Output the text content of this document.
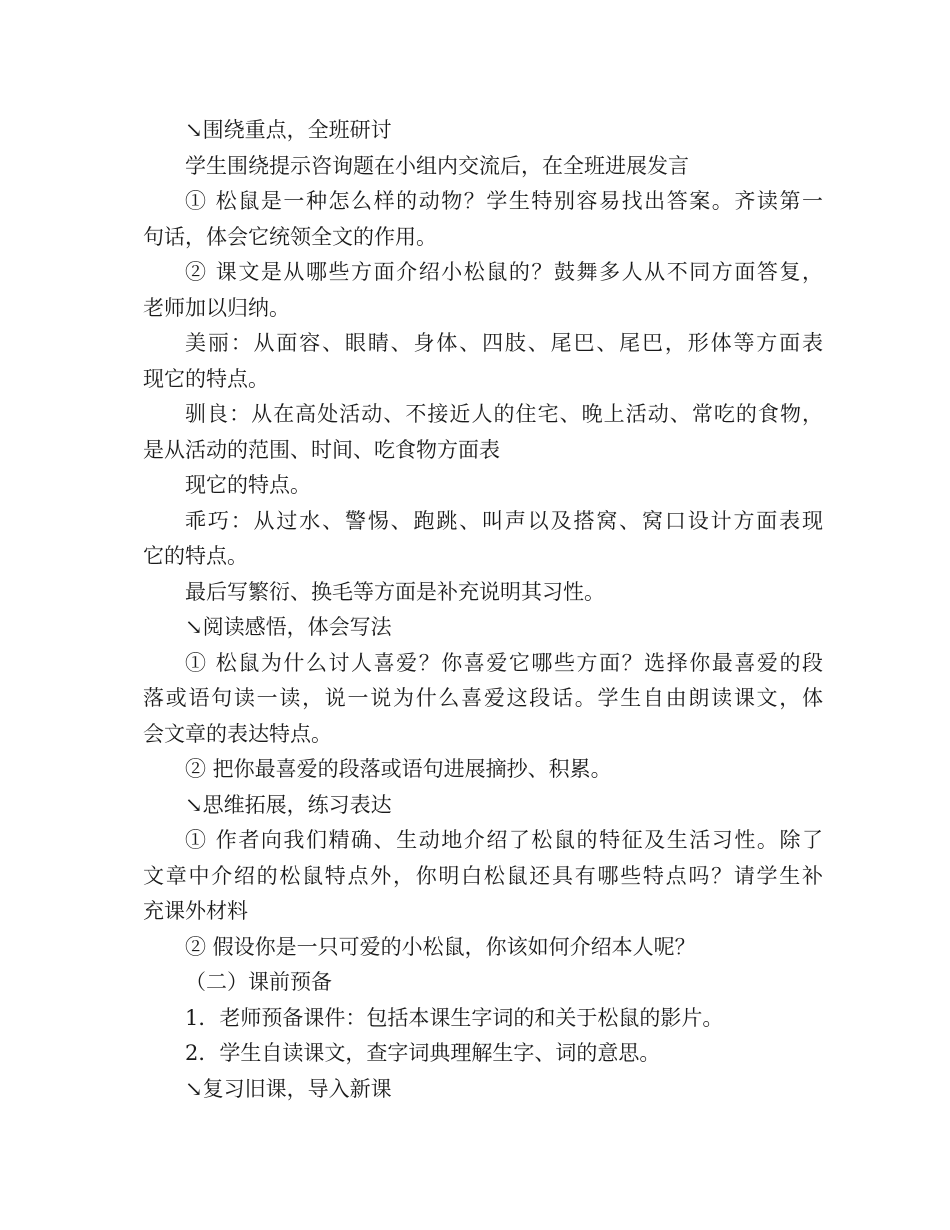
↘围绕重点，全班研讨

学生围绕提示咨询题在小组内交流后，在全班进展发言

① 松鼠是一种怎么样的动物？学生特别容易找出答案。齐读第一

句话，体会它统领全文的作用。

② 课文是从哪些方面介绍小松鼠的？鼓舞多人从不同方面答复，

老师加以归纳。

美丽：从面容、眼睛、身体、四肢、尾巴、尾巴，形体等方面表

现它的特点。

驯良：从在高处活动、不接近人的住宅、晚上活动、常吃的食物，

是从活动的范围、时间、吃食物方面表

现它的特点。

乖巧：从过水、警惕、跑跳、叫声以及搭窝、窝口设计方面表现

它的特点。

最后写繁衍、换毛等方面是补充说明其习性。

↘阅读感悟，体会写法

① 松鼠为什么讨人喜爱？你喜爱它哪些方面？选择你最喜爱的段

落或语句读一读，说一说为什么喜爱这段话。学生自由朗读课文，体

会文章的表达特点。

② 把你最喜爱的段落或语句进展摘抄、积累。

↘思维拓展，练习表达

① 作者向我们精确、生动地介绍了松鼠的特征及生活习性。除了

文章中介绍的松鼠特点外，你明白松鼠还具有哪些特点吗？请学生补

充课外材料

② 假设你是一只可爱的小松鼠，你该如何介绍本人呢？

（二）课前预备

1．老师预备课件：包括本课生字词的和关于松鼠的影片。

2．学生自读课文，查字词典理解生字、词的意思。

↘复习旧课，导入新课
